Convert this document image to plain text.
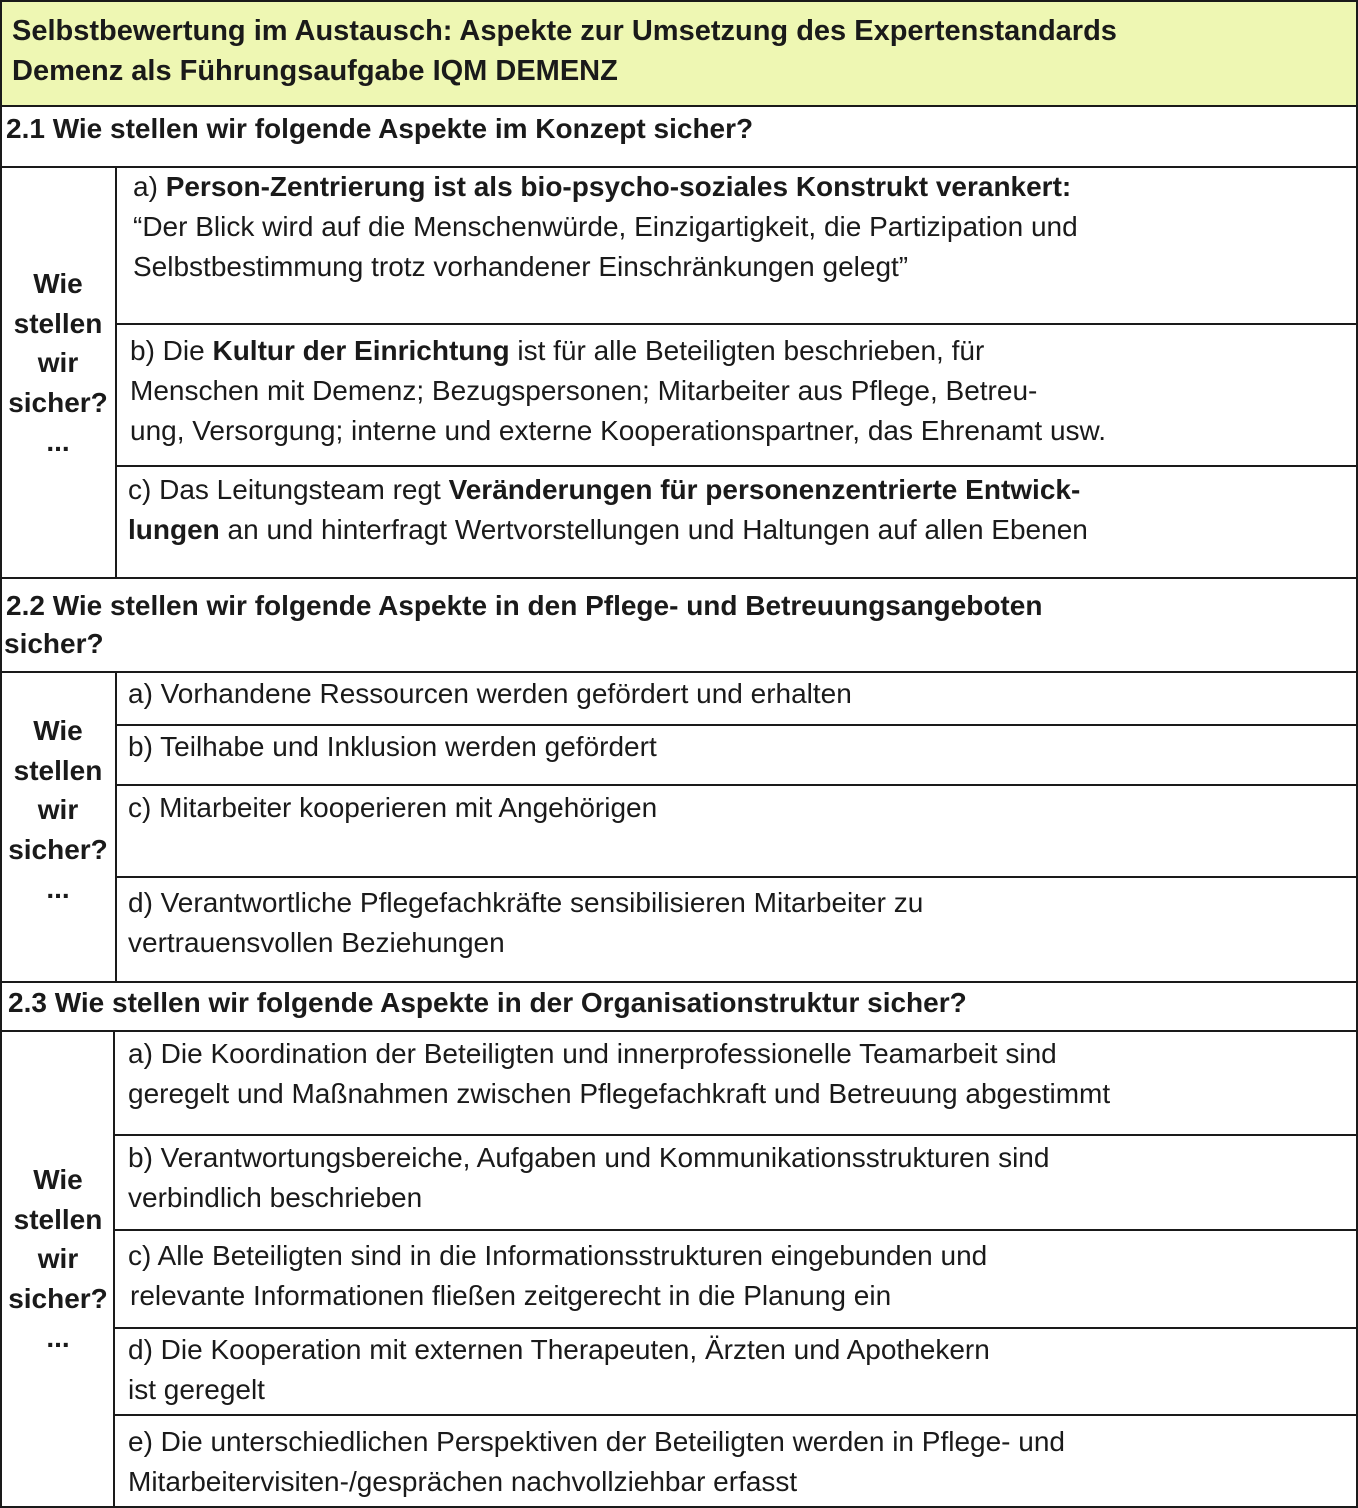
Selbstbewertung im Austausch: Aspekte zur Umsetzung des Expertenstandards
Demenz als Führungsaufgabe IQM DEMENZ
2.1 Wie stellen wir folgende Aspekte im Konzept sicher?
Wie
stellen
wir
sicher?
...
a) Person-Zentrierung ist als bio-psycho-soziales Konstrukt verankert:
“Der Blick wird auf die Menschenwürde, Einzigartigkeit, die Partizipation und
Selbstbestimmung trotz vorhandener Einschränkungen gelegt”
b) Die Kultur der Einrichtung ist für alle Beteiligten beschrieben, für
Menschen mit Demenz; Bezugspersonen; Mitarbeiter aus Pflege, Betreu-
ung, Versorgung; interne und externe Kooperationspartner, das Ehrenamt usw.
c) Das Leitungsteam regt Veränderungen für personenzentrierte Entwick-
lungen an und hinterfragt Wertvorstellungen und Haltungen auf allen Ebenen
2.2 Wie stellen wir folgende Aspekte in den Pflege- und Betreuungsangeboten
sicher?
Wie
stellen
wir
sicher?
...
a) Vorhandene Ressourcen werden gefördert und erhalten
b) Teilhabe und Inklusion werden gefördert
c) Mitarbeiter kooperieren mit Angehörigen
d) Verantwortliche Pflegefachkräfte sensibilisieren Mitarbeiter zu
vertrauensvollen Beziehungen
2.3 Wie stellen wir folgende Aspekte in der Organisationstruktur sicher?
Wie
stellen
wir
sicher?
...
a) Die Koordination der Beteiligten und innerprofessionelle Teamarbeit sind
geregelt und Maßnahmen zwischen Pflegefachkraft und Betreuung abgestimmt
b) Verantwortungsbereiche, Aufgaben und Kommunikationsstrukturen sind
verbindlich beschrieben
c) Alle Beteiligten sind in die Informationsstrukturen eingebunden und
relevante Informationen fließen zeitgerecht in die Planung ein
d) Die Kooperation mit externen Therapeuten, Ärzten und Apothekern
ist geregelt
e) Die unterschiedlichen Perspektiven der Beteiligten werden in Pflege- und
Mitarbeitervisiten-/gesprächen nachvollziehbar erfasst
